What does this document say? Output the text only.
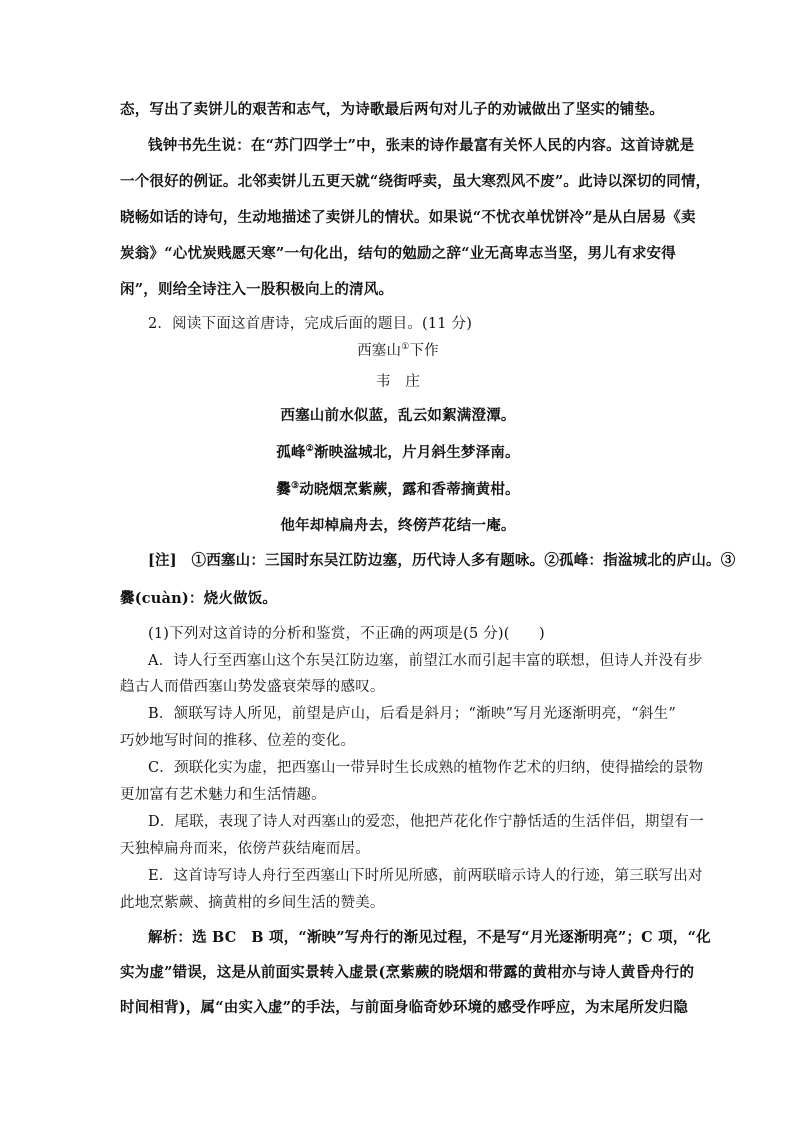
态，写出了卖饼儿的艰苦和志气，为诗歌最后两句对儿子的劝诫做出了坚实的铺垫。
钱钟书先生说：在“苏门四学士”中，张耒的诗作最富有关怀人民的内容。这首诗就是
一个很好的例证。北邻卖饼儿五更天就“绕街呼卖，虽大寒烈风不废”。此诗以深切的同情，
晓畅如话的诗句，生动地描述了卖饼儿的情状。如果说“不忧衣单忧饼冷”是从白居易《卖
炭翁》“心忧炭贱愿天寒”一句化出，结句的勉励之辞“业无高卑志当坚，男儿有求安得
闲”，则给全诗注入一股积极向上的清风。
2．阅读下面这首唐诗，完成后面的题目。(11 分)
西塞山①下作
韦　庄
西塞山前水似蓝，乱云如絮满澄潭。
孤峰②渐映湓城北，片月斜生梦泽南。
爨③动晓烟烹紫蕨，露和香蒂摘黄柑。
他年却棹扁舟去，终傍芦花结一庵。
[注]　①西塞山：三国时东吴江防边塞，历代诗人多有题咏。②孤峰：指湓城北的庐山。③
爨(cuàn)：烧火做饭。
(1)下列对这首诗的分析和鉴赏，不正确的两项是(5 分)(　　)
A．诗人行至西塞山这个东吴江防边塞，前望江水而引起丰富的联想，但诗人并没有步
趋古人而借西塞山势发盛衰荣辱的感叹。
B．颔联写诗人所见，前望是庐山，后看是斜月；“渐映”写月光逐渐明亮，“斜生”
巧妙地写时间的推移、位差的变化。
C．颈联化实为虚，把西塞山一带异时生长成熟的植物作艺术的归纳，使得描绘的景物
更加富有艺术魅力和生活情趣。
D．尾联，表现了诗人对西塞山的爱恋，他把芦花化作宁静恬适的生活伴侣，期望有一
天独棹扁舟而来，依傍芦荻结庵而居。
E．这首诗写诗人舟行至西塞山下时所见所感，前两联暗示诗人的行迹，第三联写出对
此地烹紫蕨、摘黄柑的乡间生活的赞美。
解析：选 BC　B 项，“渐映”写舟行的渐见过程，不是写“月光逐渐明亮”；C 项，“化
实为虚”错误，这是从前面实景转入虚景(烹紫蕨的晓烟和带露的黄柑亦与诗人黄昏舟行的
时间相背)，属“由实入虚”的手法，与前面身临奇妙环境的感受作呼应，为末尾所发归隐
